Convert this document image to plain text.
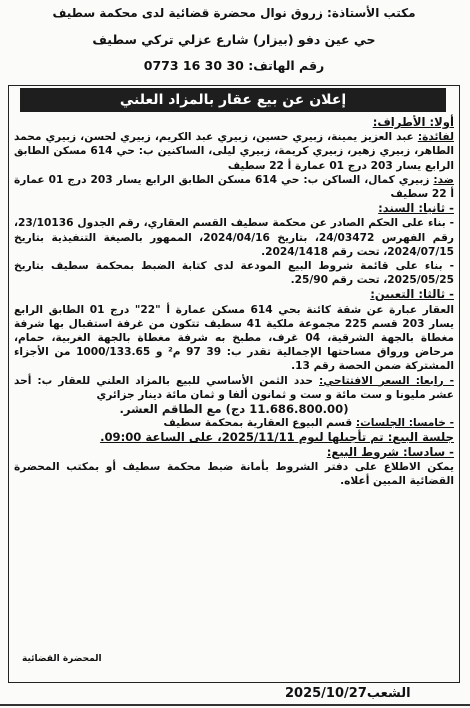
مكتب الأستاذة: زروق نوال محضرة قضائية لدى محكمة سطيف
حي عين دفو (بيزار) شارع عزلي تركي سطيف
رقم الهاتف: 30 30 16 0773
إعلان عن بيع عقار بالمزاد العلني

أولا: الأطراف:

لفائدة: عبد العزيز يمينة، زبيري حسين، زبيري عبد الكريم، زبيري لحسن، زبيري محمد الطاهر، زبيري زهير، زبيري كريمة، زبيري ليلى، الساكنين ب: حي 614 مسكن الطابق الرابع يسار 203 درج 01 عمارة أ 22 سطيف

ضد: زبيري كمال، الساكن ب: حي 614 مسكن الطابق الرابع يسار 203 درج 01 عمارة أ 22 سطيف

- ثانيا: السند:

- بناء على الحكم الصادر عن محكمة سطيف القسم العقاري، رقم الجدول 23/10136، رقم الفهرس 24/03472، بتاريخ 2024/04/16، الممهور بالصيغة التنفيذية بتاريخ 2024/07/15، تحت رقم 2024/1418.

- بناء على قائمة شروط البيع المودعة لدى كتابة الضبط بمحكمة سطيف بتاريخ 2025/05/25، تحت رقم 25/90.

- ثالثا: التعيين:

العقار عبارة عن شقة كائنة بحي 614 مسكن عمارة أ "22" درج 01 الطابق الرابع يسار 203 قسم 225 مجموعة ملكية 41 سطيف تتكون من غرفة استقبال بها شرفة مغطاة بالجهة الشرقية، 04 غرف، مطبخ به شرفة مغطاة بالجهة الغربية، حمام، مرحاض ورواق مساحتها الإجمالية تقدر ب: 39 97 م² و 1000/133.65 من الأجزاء المشتركة ضمن الحصة رقم 13.

- رابعا: السعر الافتتاحي: حدد الثمن الأساسي للبيع بالمزاد العلني للعقار ب: أحد عشر مليونا و ست مائة و ست و ثمانون ألفا و ثمان مائة دينار جزائري

(11.686.800.00 دج) مع الطاقم العشر.

- خامسا: الجلسات: قسم البيوع العقارية بمحكمة سطيف

جلسة البيع: تم تأجيلها ليوم 2025/11/11، على الساعة 09:00.

- سادسا: شروط البيع:

يمكن الاطلاع على دفتر الشروط بأمانة ضبط محكمة سطيف أو بمكتب المحضرة القضائية المبين أعلاه.

المحضرة القضائية
الشعب2025/10/27
